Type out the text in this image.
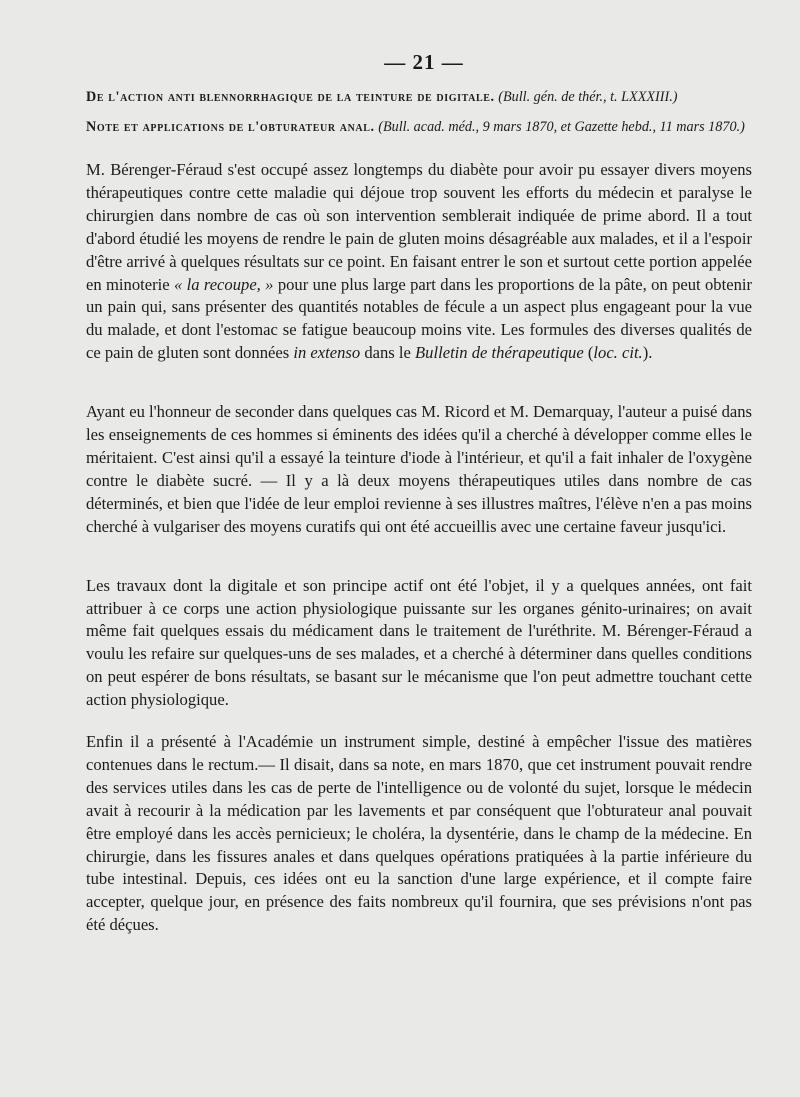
— 21 —
De l'action anti blennorrhagique de la teinture de digitale. (Bull. gén. de thér., t. LXXXIII.)
Note et applications de l'obturateur anal. (Bull. acad. méd., 9 mars 1870, et Gazette hebd., 11 mars 1870.)

M. Bérenger-Féraud s'est occupé assez longtemps du diabète pour avoir pu essayer divers moyens thérapeutiques contre cette maladie qui déjoue trop souvent les efforts du médecin et paralyse le chirurgien dans nombre de cas où son intervention semblerait indiquée de prime abord. Il a tout d'abord étudié les moyens de rendre le pain de gluten moins désagréable aux malades, et il a l'espoir d'être arrivé à quelques résultats sur ce point. En faisant entrer le son et surtout cette portion appelée en minoterie « la recoupe, » pour une plus large part dans les proportions de la pâte, on peut obtenir un pain qui, sans présenter des quantités notables de fécule a un aspect plus engageant pour la vue du malade, et dont l'estomac se fatigue beaucoup moins vite. Les formules des diverses qualités de ce pain de gluten sont données in extenso dans le Bulletin de thérapeutique (loc. cit.).

Ayant eu l'honneur de seconder dans quelques cas M. Ricord et M. Demarquay, l'auteur a puisé dans les enseignements de ces hommes si éminents des idées qu'il a cherché à développer comme elles le méritaient. C'est ainsi qu'il a essayé la teinture d'iode à l'intérieur, et qu'il a fait inhaler de l'oxygène contre le diabète sucré. — Il y a là deux moyens thérapeutiques utiles dans nombre de cas déterminés, et bien que l'idée de leur emploi revienne à ses illustres maîtres, l'élève n'en a pas moins cherché à vulgariser des moyens curatifs qui ont été accueillis avec une certaine faveur jusqu'ici.

Les travaux dont la digitale et son principe actif ont été l'objet, il y a quelques années, ont fait attribuer à ce corps une action physiologique puissante sur les organes génito-urinaires; on avait même fait quelques essais du médicament dans le traitement de l'uréthrite. M. Bérenger-Féraud a voulu les refaire sur quelques-uns de ses malades, et a cherché à déterminer dans quelles conditions on peut espérer de bons résultats, se basant sur le mécanisme que l'on peut admettre touchant cette action physiologique.

Enfin il a présenté à l'Académie un instrument simple, destiné à empêcher l'issue des matières contenues dans le rectum.— Il disait, dans sa note, en mars 1870, que cet instrument pouvait rendre des services utiles dans les cas de perte de l'intelligence ou de volonté du sujet, lorsque le médecin avait à recourir à la médication par les lavements et par conséquent que l'obturateur anal pouvait être employé dans les accès pernicieux; le choléra, la dysentérie, dans le champ de la médecine. En chirurgie, dans les fissures anales et dans quelques opérations pratiquées à la partie inférieure du tube intestinal. Depuis, ces idées ont eu la sanction d'une large expérience, et il compte faire accepter, quelque jour, en présence des faits nombreux qu'il fournira, que ses prévisions n'ont pas été déçues.
